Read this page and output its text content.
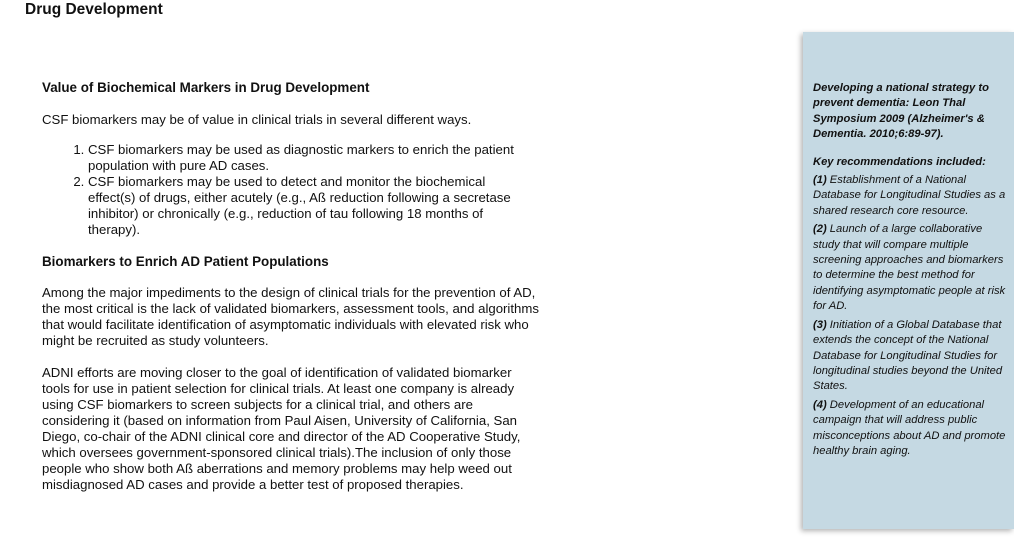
Drug Development
Value of Biochemical Markers in Drug Development

CSF biomarkers may be of value in clinical trials in several different ways.

1. CSF biomarkers may be used as diagnostic markers to enrich the patient population with pure AD cases.
2. CSF biomarkers may be used to detect and monitor the biochemical effect(s) of drugs, either acutely (e.g., Aß reduction following a secretase inhibitor) or chronically (e.g., reduction of tau following 18 months of therapy).
Biomarkers to Enrich AD Patient Populations

Among the major impediments to the design of clinical trials for the prevention of AD, the most critical is the lack of validated biomarkers, assessment tools, and algorithms that would facilitate identification of asymptomatic individuals with elevated risk who might be recruited as study volunteers.

ADNI efforts are moving closer to the goal of identification of validated biomarker tools for use in patient selection for clinical trials. At least one company is already using CSF biomarkers to screen subjects for a clinical trial, and others are considering it (based on information from Paul Aisen, University of California, San Diego, co-chair of the ADNI clinical core and director of the AD Cooperative Study, which oversees government-sponsored clinical trials).The inclusion of only those people who show both Aß aberrations and memory problems may help weed out misdiagnosed AD cases and provide a better test of proposed therapies.

Developing a national strategy to prevent dementia: Leon Thal Symposium 2009 (Alzheimer's & Dementia. 2010;6:89-97).

Key recommendations included:

(1) Establishment of a National Database for Longitudinal Studies as a shared research core resource.

(2) Launch of a large collaborative study that will compare multiple screening approaches and biomarkers to determine the best method for identifying asymptomatic people at risk for AD.

(3) Initiation of a Global Database that extends the concept of the National Database for Longitudinal Studies for longitudinal studies beyond the United States.

(4) Development of an educational campaign that will address public misconceptions about AD and promote healthy brain aging.
